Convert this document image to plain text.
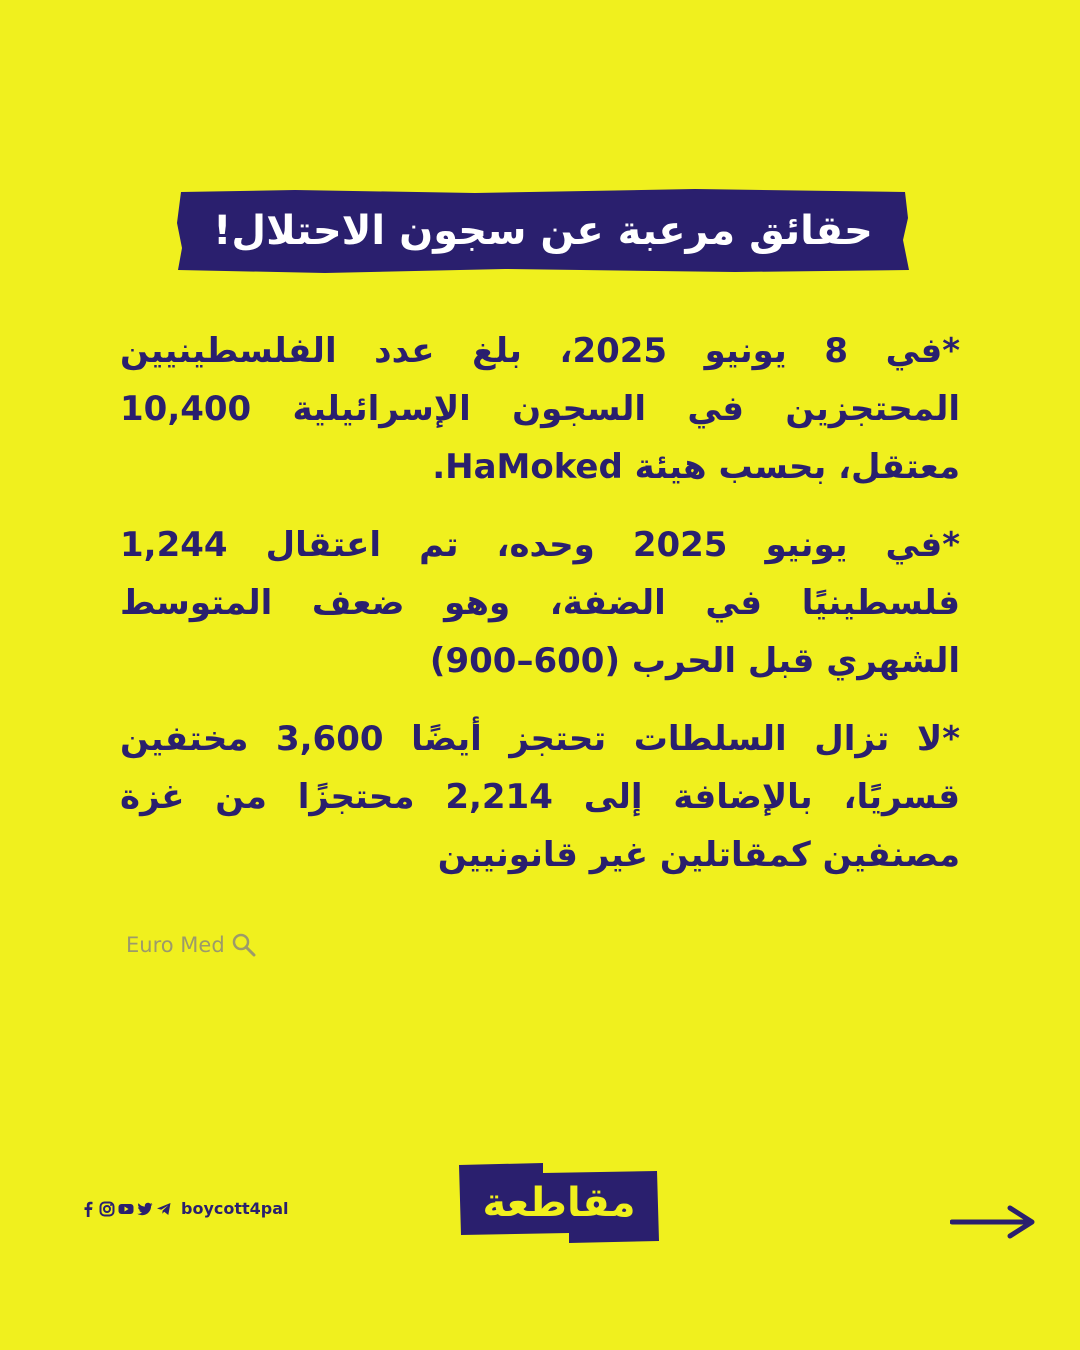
حقائق مرعبة عن سجون الاحتلال!

*في 8 يونيو 2025، بلغ عدد الفلسطينيين المحتجزين في السجون الإسرائيلية 10,400 معتقل، بحسب هيئة HaMoked.

*في يونيو 2025 وحده، تم اعتقال 1,244 فلسطينيًا في الضفة، وهو ضعف المتوسط الشهري قبل الحرب (600–900)

*لا تزال السلطات تحتجز أيضًا 3,600 مختفين قسريًا، بالإضافة إلى 2,214 محتجزًا من غزة مصنفين كمقاتلين غير قانونيين

Euro Med
boycott4pal	مقاطعة
